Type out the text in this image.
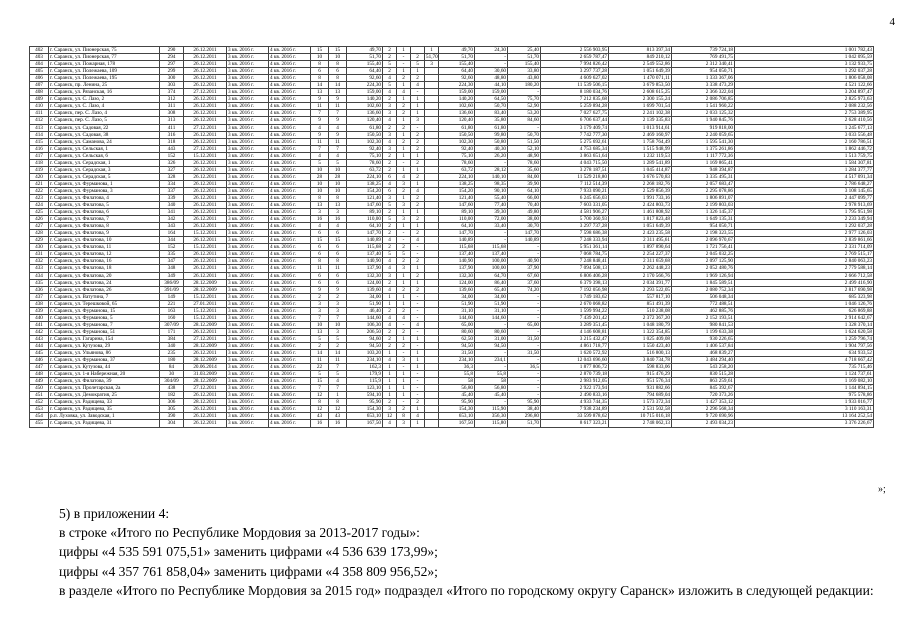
4
402	г. Саранск, ул. Пионерская, 75	290	26.12.2011	3 кв. 2016 г.	4 кв. 2016 г.	15	15	49,70	2	1		1	49,70	24,30	25,40	2 556 903,95	813 397,34	739 724,18	1 001 782,43
403	г. Саранск, ул. Пионерская, 77	294	26.12.2011	3 кв. 2016 г.	4 кв. 2016 г.	10	10	51,70	2	-	2	51,70	51,70	-	51,70	2 659 787,47	849 210,12	769 491,75	1 042 095,59
404	г. Саранск, ул. Пожарная, 178	297	26.12.2011	3 кв. 2016 г.	4 кв. 2016 г.	8	8	155,40	5	-	5	3	155,40	-	155,40	7 994 826,42	2 549 552,86	2 312 340,41	3 132 933,75
405	г. Саранск, ул. Полежаева, 109	299	26.12.2011	3 кв. 2016 г.	4 кв. 2016 г.	6	6	64,40	2	1	1		64,40	30,60	33,80	3 297 737,28	1 051 649,39	954 050,71	1 292 037,28
406	г. Саранск, ул. Полежаева, 195	300	26.12.2011	3 кв. 2016 г.	4 кв. 2016 г.	8	8	92,60	4	2	2		92,60	48,80	43,80	4 609 627,02	1 470 071,11	1 333 367,06	1 806 058,08
407	г. Саранск, пр. Ленина, 25	303	26.12.2011	3 кв. 2016 г.	4 кв. 2016 г.	14	14	224,30	5	1	4		224,30	44,10	180,20	11 539 506,15	3 679 853,50	3 338 473,29	4 521 122,66
408	г. Саранск, ул. Рязанская, 16	374	27.12.2011	3 кв. 2016 г.	4 кв. 2016 г.	13	13	159,00	4	4	-		159,00	159,00	-	8 180 034,76	2 608 615,25	2 366 322,04	3 204 897,47
409	г. Саранск, ул. С. Лазо, 2	312	26.12.2011	3 кв. 2016 г.	4 кв. 2016 г.	9	9	140,20	2	1	1		140,20	64,50	75,70	7 212 835,68	2 300 155,24	2 086 706,85	2 825 973,63
410	г. Саранск, ул. С. Лазо, 4	311	26.12.2011	3 кв. 2016 г.	4 кв. 2016 г.	11	11	102,60	3	2	1		102,60	50,70	52,90	5 259 894,28	1 699 701,54	1 541 960,22	2 088 232,56
411	г. Саранск, пер. С. Лазо, 4	308	26.12.2011	3 кв. 2016 г.	4 кв. 2016 г.	7	7	136,60	3	2	1		136,60	83,40	53,20	7 027 627,75	2 241 102,38	2 033 125,32	2 753 389,95
412	г. Саранск, пер. С. Лазо, 5	313	26.12.2011	3 кв. 2016 г.	4 кв. 2016 г.	9	9	120,40	4	1	3		120,40	35,80	84,60	6 706 637,44	2 139 335,83	1 940 845,76	2 628 410,56
413	г. Саранск, ул. Садовая, 22	411	27.12.2011	3 кв. 2016 г.	4 кв. 2016 г.	4	4	61,80	2	2	-		61,80	61,80	-	3 179 409,74	1 013 914,61	919 818,00	1 245 677,13
414	г. Саранск, ул. Садовая, 38	316	26.12.2011	3 кв. 2016 г.	4 кв. 2016 г.	9	9	150,50	3	1	2		150,50	99,80	50,70	7 742 777,30	2 469 160,97	2 240 059,65	3 033 556,48
415	г. Саранск, ул. Саманова, 24	318	26.12.2011	3 кв. 2016 г.	4 кв. 2016 г.	11	11	102,30	4	2	2		102,30	50,80	51,50	5 275 692,61	1 758 764,49	1 595 541,30	2 160 786,51
416	г. Саранск, ул. Сельская, 1	443	27.12.2011	3 кв. 2016 г.	4 кв. 2016 г.	7	7	92,40	3	1	2		92,40	40,30	52,10	4 753 685,34	1 515 948,99	1 375 261,86	1 862 446,72
417	г. Саранск, ул. Сельская, 6	152	15.12.2011	3 кв. 2016 г.	4 кв. 2016 г.	4	4	75,10	2	1	1		75,10	26,20	48,90	3 863 651,64	1 232 119,53	1 117 772,36	1 513 759,75
418	г. Саранск, ул. Серадская, 1	326	26.12.2011	3 кв. 2016 г.	4 кв. 2016 г.	5	5	78,60	2	-	2		78,60	-	78,60	4 043 715,50	1 289 541,89	1 169 865,41	1 584 307,81
419	г. Саранск, ул. Серадская, 3	327	26.12.2011	3 кв. 2016 г.	4 кв. 2016 г.	10	10	63,72	2	1	1		63,72	28,12	35,60	3 278 187,51	1 045 414,87	948 394,87	1 284 377,77
420	г. Саранск, ул. Серадская, 5	328	26.12.2011	3 кв. 2016 г.	4 кв. 2016 г.	28	28	224,10	6	4	2		224,10	140,10	84,00	11 529 218,80	3 676 570,83	3 335 495,31	4 517 091,34
421	г. Саранск, ул. Фурманова, 1	334	26.12.2011	3 кв. 2016 г.	4 кв. 2016 г.	10	10	138,25	4	3	1		138,25	98,35	39,90	7 112 514,39	2 268 182,76	2 057 683,47	2 786 648,27
422	г. Саранск, ул. Фурманова, 3	337	26.12.2011	3 кв. 2016 г.	4 кв. 2016 г.	10	10	154,20	6	2	4		154,20	90,10	64,10	7 933 090,21	2 529 856,39	2 295 078,86	3 108 145,65
423	г. Саранск, ул. Филатова, 4	339	26.12.2011	3 кв. 2016 г.	4 кв. 2016 г.	8	8	121,40	3	1	2		121,40	55,40	66,00	6 245 656,03	1 991 733,16	1 806 891,07	2 447 099,77
424	г. Саранск, ул. Филатова, 5	340	26.12.2011	3 кв. 2016 г.	4 кв. 2016 г.	13	13	147,60	5	3	2		147,60	77,40	70,40	7 603 331,05	2 424 803,73	2 199 803,03	2 978 913,69
425	г. Саранск, ул. Филатова, 6	341	26.12.2011	3 кв. 2016 г.	4 кв. 2016 г.	3	3	89,10	2	1	1		89,10	39,30	49,80	4 581 906,27	1 461 808,92	1 326 145,37	1 795 951,98
426	г. Саранск, ул. Филатова, 7	342	26.12.2011	3 кв. 2016 г.	4 кв. 2016 г.	16	16	110,00	5	3	2		110,00	72,00	38,00	5 700 360,93	1 817 823,48	1 649 135,31	2 233 349,94
427	г. Саранск, ул. Филатова, 8	343	26.12.2011	3 кв. 2016 г.	4 кв. 2016 г.	4	4	64,10	2	1	1		64,10	33,40	30,70	3 297 737,28	1 051 649,39	954 050,71	1 292 037,28
428	г. Саранск, ул. Филатова, 9	164	15.12.2011	3 кв. 2016 г.	4 кв. 2016 г.	6	6	147,70	2	-	2		147,70	-	147,70	7 598 686,38	2 423 235,58	2 198 323,55	2 977 126,03
429	г. Саранск, ул. Филатова, 10	344	26.12.2011	3 кв. 2016 г.	4 кв. 2016 г.	15	15	140,89	4	-	4		140,89	-	140,89	7 248 333,94	2 311 495,61	2 096 970,67	2 839 861,66
430	г. Саранск, ул. Филатова, 11	152	15.12.2011	3 кв. 2016 г.	4 кв. 2016 г.	6	6	115,68	2	2	-		115,68	115,68	-	5 951 361,14	1 897 890,64	1 721 756,41	2 331 714,09
431	г. Саранск, ул. Филатова, 12	335	26.12.2011	3 кв. 2016 г.	4 кв. 2016 г.	6	6	137,40	5	5	-		137,40	137,40	-	7 068 784,75	2 254 227,37	2 045 032,25	2 769 515,17
432	г. Саранск, ул. Филатова, 16	347	26.12.2011	3 кв. 2016 г.	4 кв. 2016 г.	8	8	140,90	4	2	2		140,90	100,00	40,90	7 248 848,41	2 311 659,68	2 097 125,90	2 840 063,23
433	г. Саранск, ул. Филатова, 18	348	26.12.2011	3 кв. 2016 г.	4 кв. 2016 г.	11	11	137,90	4	3	1		137,90	100,00	37,90	7 094 508,13	2 262 448,23	2 052 480,76	2 779 588,14
434	г. Саранск, ул. Филатова, 20	349	26.12.2011	3 кв. 2016 г.	4 кв. 2016 г.	6	6	132,30	3	1	2		132,30	64,70	67,60	6 806 406,28	2 170 566,76	1 969 126,94	2 666 712,58
435	г. Саранск, ул. Филатова, 24	386/09	28.12.2009	3 кв. 2016 г.	4 кв. 2016 г.	6	6	124,00	2	1	1		124,00	86,40	37,60	6 379 398,13	2 034 391,77	1 845 589,51	2 499 416,90
436	г. Саранск, ул. Филатова, 26	391/09	28.12.2009	3 кв. 2016 г.	4 кв. 2016 г.	9	9	139,60	4	2	2		139,60	65,40	74,20	7 192 056,98	2 293 522,05	2 080 752,34	2 817 690,98
437	г. Саранск, ул. Ватутина, 7	149	15.12.2011	3 кв. 2016 г.	4 кв. 2016 г.	2	2	34,00	1	1	-		34,00	34,00	-	1 749 183,62	557 817,10	506 048,34	685 323,98
438	г. Саранск, ул. Терешковой, 65	221	27.01.2011	3 кв. 2016 г.	4 кв. 2016 г.	3	3	51,90	1	1	-		51,90	51,90	-	2 670 068,82	851 491,39	772 488,51	1 046 126,76
439	г. Саранск, ул. Фурманова, 15	163	15.12.2011	3 кв. 2016 г.	4 кв. 2016 г.	3	3	46,40	2	2	-		31,10	31,10	-	1 599 994,22	510 238,08	462 885,76	626 869,88
440	г. Саранск, ул. Фурманова, 5	160	15.12.2011	3 кв. 2016 г.	4 кв. 2016 г.	7	7	144,60	4	4	-		144,60	144,60	-	7 439 201,42	2 372 367,20	2 152 193,51	2 914 642,67
441	г. Саранск, ул. Фурманова, 7	307/09	28.12.2009	3 кв. 2016 г.	4 кв. 2016 г.	10	10	106,30	4	-	4		65,00	-	65,00	3 289 351,45	1 048 180,79	980 841,53	1 328 370,14
442	г. Саранск, ул. Фурманова, 51	171	26.12.2011	3 кв. 2016 г.	4 кв. 2016 г.	13	3	206,50	2	2	-		80,60	80,60	-	4 146 608,81	1 322 354,85	1 199 633,38	1 624 620,58
443	г. Саранск, ул. Гагарина, 154	384	27.12.2011	3 кв. 2016 г.	4 кв. 2016 г.	5	5	94,60	2	1	1		62,50	31,00	31,50	3 215 432,47	1 025 409,08	930 226,65	1 259 796,74
444	г. Саранск, ул. Кутузова, 29	340	28.12.2009	3 кв. 2016 г.	4 кв. 2016 г.	2	2	94,50	2	2	-		94,50	94,50	-	4 861 718,77	1 550 423,40	1 406 537,84	1 904 797,56
445	г. Саранск, ул. Ульянова, 86	235	26.12.2011	3 кв. 2016 г.	4 кв. 2016 г.	14	14	103,20	1	-	1		31,50	-	31,50	1 620 572,92	516 800,13	468 839,27	634 933,52
446	г. Саранск, ул. Фурманова, 37	180	28.12.2009	3 кв. 2016 г.	4 кв. 2016 г.	11	11	234,10	4	3	1		234,10	234,1	-	12 043 696,60	3 840 734,78	3 484 294,40	4 718 667,42
447	г. Саранск, ул. Кутузова, 44	84	20.06.2014	3 кв. 2016 г.	4 кв. 2016 г.	22	7	162,3	1	-	1		36,3	-	36,5	1 877 806,72	598 833,06	543 258,20	735 715,46
448	г. Саранск, ул. 1-я Набережная, 20	30	31.03.2009	3 кв. 2016 г.	4 кв. 2016 г.	5	5	179,9	1	1	-		55,8	55,8	-	2 870 739,18	915 476,29	830 515,28	1 124 737,61
449	г. Саранск, ул. Филатова, 39	304/09	28.12.2009	3 кв. 2016 г.	4 кв. 2016 г.	15	4	115,9	1	1	-		58	58	-	2 983 912,05	951 576,34	863 259,61	1 169 082,10
450	г. Саранск, ул. Пролетарская, 2а	438	27.12.2011	3 кв. 2016 г.	4 кв. 2016 г.	7	7	123,10	1	1	-		56,80	56,80	-	2 922 173,94	931 882,66	845 392,67	1 144 894,15
451	г. Саранск, ул. Демократия, 25	182	26.12.2011	3 кв. 2016 г.	4 кв. 2016 г.	12	1	594,10	1	1	-		45,40	45,40	-	2 490 833,16	794 689,04	720 373,26	975 578,86
452	г. Саранск, ул. Радищева, 33	306	28.12.2011	3 кв. 2016 г.	4 кв. 2016 г.	8	8	95,90	2	-	2		95,90	-	95,90	4 933 744,35	1 573 372,34	1 427 353,12	1 933 016,77
453	г. Саранск, ул. Радищева, 35	305	26.12.2011	3 кв. 2016 г.	4 кв. 2016 г.	12	12	154,30	3	2	1		154,30	115,90	38,40	7 938 234,89	2 531 502,58	2 296 568,34	3 110 163,31
454	р.п. Луховка, ул. Заводская, 1	390	26.12.2011	3 кв. 2016 г.	4 кв. 2016 г.	43	43	653,10	12	8	4		653,10	356,30	296,80	33 599 878,62	10 715 016,18	9 720 690,96	13 164 252,54
455	г. Саранск, ул. Радищева, 31	304	26.12.2011	3 кв. 2016 г.	4 кв. 2016 г.	16	16	167,50	4	3	1		167,50	115,80	51,70	8 617 323,21	2 748 062,13	2 493 034,23	3 376 226,67
»;

5) в приложении 4:

в строке «Итого по Республике Мордовия за 2013-2017 годы»:

цифры «4 535 591 075,51» заменить цифрами «4 536 639 173,99»;

цифры «4 357 761 858,04» заменить цифрами «4 358 809 956,52»;

в разделе «Итого по Республике Мордовия за 2015 год» подраздел «Итого по городскому округу Саранск» изложить в следующей редакции:
